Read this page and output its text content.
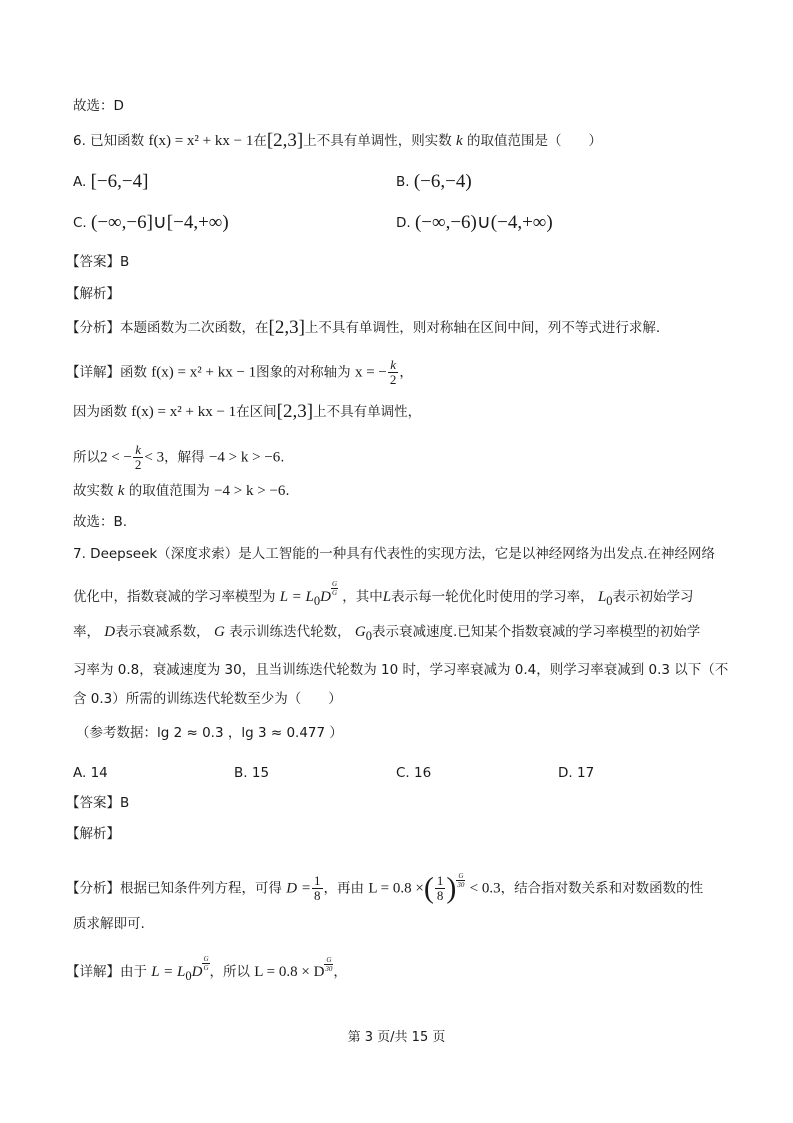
故选：D
6. 已知函数 f(x) = x² + kx − 1在[2,3]上不具有单调性，则实数 k 的取值范围是（　　）
A. [−6,−4]	B. (−6,−4)
C. (−∞,−6]∪[−4,+∞)	D. (−∞,−6)∪(−4,+∞)
【答案】B
【解析】
【分析】本题函数为二次函数，在[2,3]上不具有单调性，则对称轴在区间中间，列不等式进行求解.
【详解】函数 f(x) = x² + kx − 1图象的对称轴为 x = − $\frac{k}{2}$ ，
因为函数 f(x) = x² + kx − 1在区间[2,3]上不具有单调性，
所以2 < − $\frac{k}{2} < 3$，解得 −4 > k > −6.
故实数 k 的取值范围为 −4 > k > −6.
故选：B.
7. Deepseek（深度求索）是人工智能的一种具有代表性的实现方法，它是以神经网络为出发点.在神经网络
优化中，指数衰减的学习率模型为 $L = L_0D$ $^{\frac{G}{G}}$ ，其中L表示每一轮优化时使用的学习率， $L_0$表示初始学习
率， D表示衰减系数， G 表示训练迭代轮数， $G_0$表示衰减速度.已知某个指数衰减的学习率模型的初始学
习率为 0.8，衰减速度为 30，且当训练迭代轮数为 10 时，学习率衰减为 0.4，则学习率衰减到 0.3 以下（不
含 0.3）所需的训练迭代轮数至少为（　　）
（参考数据：lg 2 ≈ 0.3 ，lg 3 ≈ 0.477 ）
A. 14	B. 15	C. 16	D. 17
【答案】B
【解析】
【分析】根据已知条件列方程，可得 $D = \frac{1}{8}$ ，再由 L = 0.8 ×( $\frac{1}{8}$ ) $^{\frac{G}{30}}$ < 0.3，结合指对数关系和对数函数的性
质求解即可.
【详解】由于 $L = L_0D$ $^{\frac{G}{G}}$ ，所以 L = 0.8 × D $^{\frac{G}{30}}$ ，
第 3 页/共 15 页
